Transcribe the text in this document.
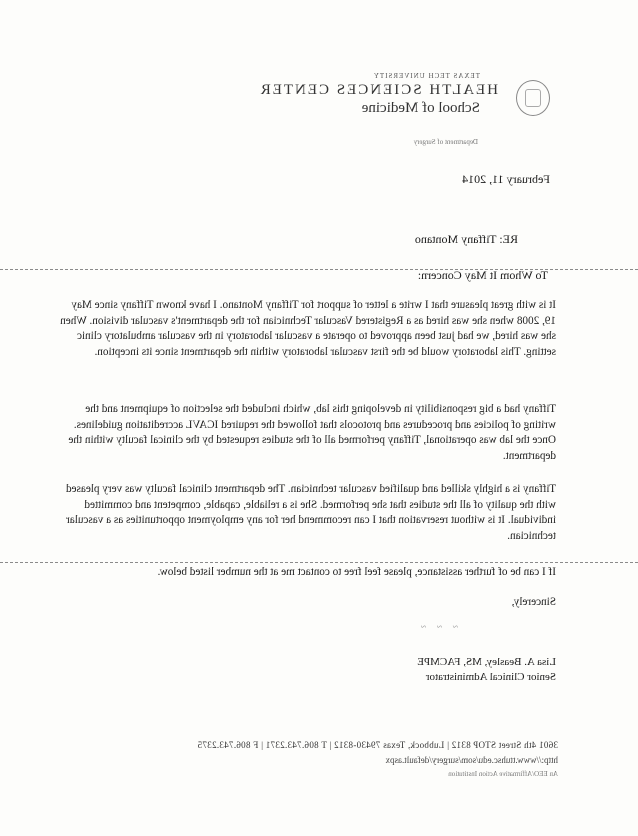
TEXAS TECH UNIVERSITY
HEALTH SCIENCES CENTER
School of Medicine
Department of Surgery
February 11, 2014
RE: Tiffany Montano
To Whom It May Concern:
It is with great pleasure that I write a letter of support for Tiffany Montano. I have known Tiffany since May 19, 2008 when she was hired as a Registered Vascular Technician for the department's vascular division. When she was hired, we had just been approved to operate a vascular laboratory in the vascular ambulatory clinic setting. This laboratory would be the first vascular laboratory within the department since its inception.
Tiffany had a big responsibility in developing this lab, which included the selection of equipment and the writing of policies and procedures and protocols that followed the required ICAVL accreditation guidelines. Once the lab was operational, Tiffany performed all of the studies requested by the clinical faculty within the department.
Tiffany is a highly skilled and qualified vascular technician. The department clinical faculty was very pleased with the quality of all the studies that she performed. She is a reliable, capable, competent and committed individual. It is without reservation that I can recommend her for any employment opportunities as a vascular technician.
If I can be of further assistance, please feel free to contact me at the number listed below.
Sincerely,
~ ~ ~
Lisa A. Beasley, MS, FACMPE
Senior Clinical Administrator
3601 4th Street STOP 8312 | Lubbock, Texas 79430-8312 | T 806.743.2371 | F 806.743.2375
http://www.ttuhsc.edu/som/surgery/default.aspx
An EEO/Affirmative Action Institution
